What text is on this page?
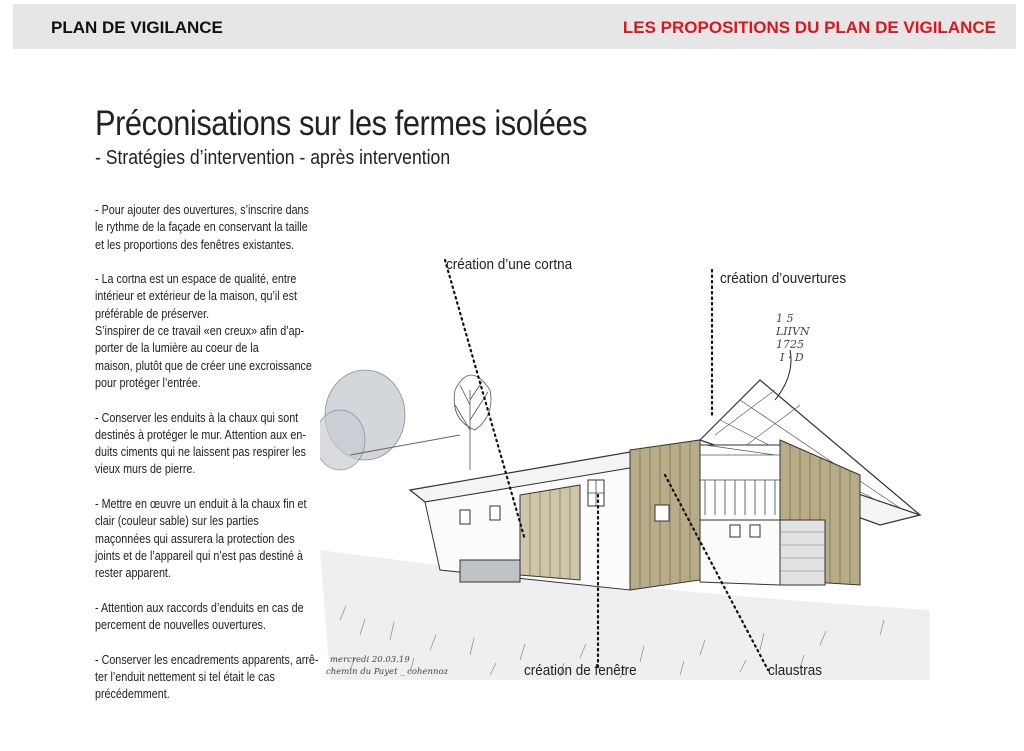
PLAN DE VIGILANCE	LES PROPOSITIONS DU PLAN DE VIGILANCE
Préconisations sur les fermes isolées
- Stratégies d’intervention - après intervention

- Pour ajouter des ouvertures, s’inscrire dans
le rythme de la façade en conservant la taille
et les proportions des fenêtres existantes.

- La cortna est un espace de qualité, entre
intérieur et extérieur de la maison, qu’il est
préférable de préserver.
S’inspirer de ce travail «en creux» afin d’ap-
porter de la lumière au coeur de la
maison, plutôt que de créer une excroissance
pour protéger l’entrée.

- Conserver les enduits à la chaux qui sont
destinés à protéger le mur. Attention aux en-
duits ciments qui ne laissent pas respirer les
vieux murs de pierre.

- Mettre en œuvre un enduit à la chaux fin et
clair (couleur sable) sur les parties
maçonnées qui assurera la protection des
joints et de l’appareil qui n’est pas destiné à
rester apparent.

- Attention aux raccords d’enduits en cas de
percement de nouvelles ouvertures.

- Conserver les encadrements apparents, arrê-
ter l’enduit nettement si tel était le cas
précédemment.

1 5
LIIVN
1725
I · D
mercredi 20.03.19
chemin du Payet _ cohennoz
création d’une cortna
création d’ouvertures
création de fenêtre	claustras
